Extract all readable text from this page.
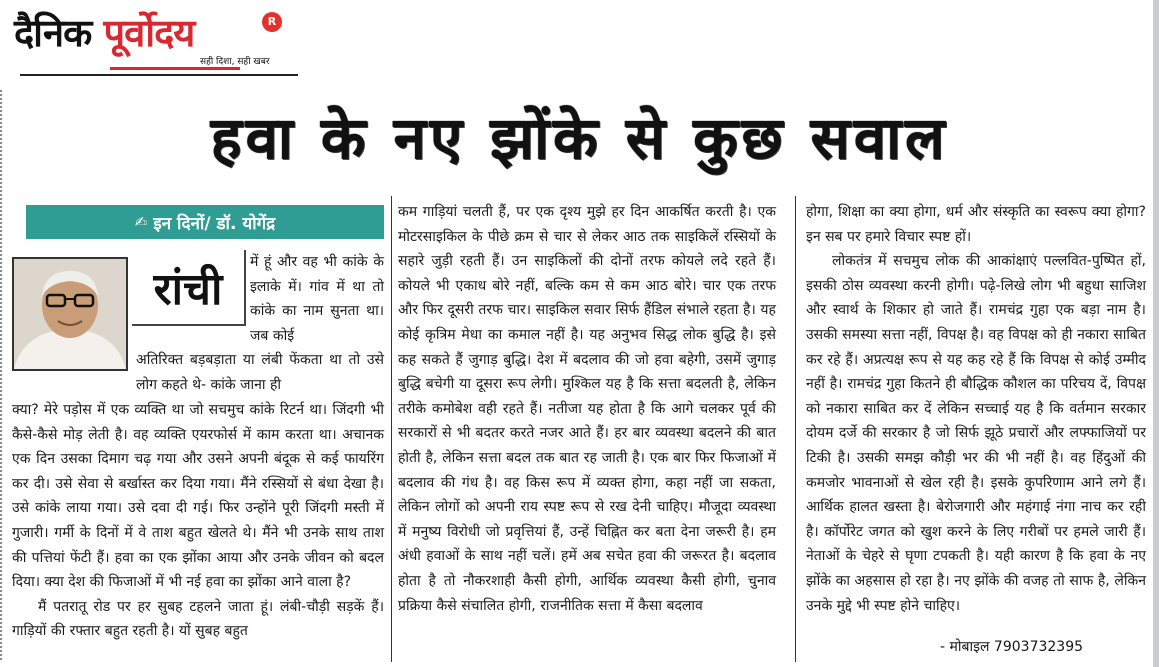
दैनिक पूर्वोदय	R
सही दिशा, सही खबर
हवा के नए झोंके से कुछ सवाल
✍ इन दिनों/ डॉ. योगेंद्र
रांची

में हूं और वह भी कांके के इलाके में। गांव में था तो कांके का नाम सुनता था। जब कोई

अतिरिक्त बड़बड़ाता या लंबी फेंकता था तो उसे लोग कहते थे- कांके जाना ही

क्या? मेरे पड़ोस में एक व्यक्ति था जो सचमुच कांके रिटर्न था। जिंदगी भी कैसे-कैसे मोड़ लेती है। वह व्यक्ति एयरफोर्स में काम करता था। अचानक एक दिन उसका दिमाग चढ़ गया और उसने अपनी बंदूक से कई फायरिंग कर दी। उसे सेवा से बर्खास्त कर दिया गया। मैंने रस्सियों से बंधा देखा है। उसे कांके लाया गया। उसे दवा दी गई। फिर उन्होंने पूरी जिंदगी मस्ती में गुजारी। गर्मी के दिनों में वे ताश बहुत खेलते थे। मैंने भी उनके साथ ताश की पत्तियां फेंटी हैं। हवा का एक झोंका आया और उनके जीवन को बदल दिया। क्या देश की फिजाओं में भी नई हवा का झोंका आने वाला है?

मैं पतरातू रोड पर हर सुबह टहलने जाता हूं। लंबी-चौड़ी सड़कें हैं। गाड़ियों की रफ्तार बहुत रहती है। यों सुबह बहुत

कम गाड़ियां चलती हैं, पर एक दृश्य मुझे हर दिन आकर्षित करती है। एक मोटरसाइकिल के पीछे क्रम से चार से लेकर आठ तक साइकिलें रस्सियों के सहारे जुड़ी रहती हैं। उन साइकिलों की दोनों तरफ कोयले लदे रहते हैं। कोयले भी एकाध बोरे नहीं, बल्कि कम से कम आठ बोरे। चार एक तरफ और फिर दूसरी तरफ चार। साइकिल सवार सिर्फ हैंडिल संभाले रहता है। यह कोई कृत्रिम मेधा का कमाल नहीं है। यह अनुभव सिद्ध लोक बुद्धि है। इसे कह सकते हैं जुगाड़ बुद्धि। देश में बदलाव की जो हवा बहेगी, उसमें जुगाड़ बुद्धि बचेगी या दूसरा रूप लेगी। मुश्किल यह है कि सत्ता बदलती है, लेकिन तरीके कमोबेश वही रहते हैं। नतीजा यह होता है कि आगे चलकर पूर्व की सरकारों से भी बदतर करते नजर आते हैं। हर बार व्यवस्था बदलने की बात होती है, लेकिन सत्ता बदल तक बात रह जाती है। एक बार फिर फिजाओं में बदलाव की गंध है। वह किस रूप में व्यक्त होगा, कहा नहीं जा सकता, लेकिन लोगों को अपनी राय स्पष्ट रूप से रख देनी चाहिए। मौजूदा व्यवस्था में मनुष्य विरोधी जो प्रवृत्तियां हैं, उन्हें चिह्नित कर बता देना जरूरी है। हम अंधी हवाओं के साथ नहीं चलें। हमें अब सचेत हवा की जरूरत है। बदलाव होता है तो नौकरशाही कैसी होगी, आर्थिक व्यवस्था कैसी होगी, चुनाव प्रक्रिया कैसे संचालित होगी, राजनीतिक सत्ता में कैसा बदलाव

होगा, शिक्षा का क्या होगा, धर्म और संस्कृति का स्वरूप क्या होगा? इन सब पर हमारे विचार स्पष्ट हों।

लोकतंत्र में सचमुच लोक की आकांक्षाएं पल्लवित-पुष्पित हों, इसकी ठोस व्यवस्था करनी होगी। पढ़े-लिखे लोग भी बहुधा साजिश और स्वार्थ के शिकार हो जाते हैं। रामचंद्र गुहा एक बड़ा नाम है। उसकी समस्या सत्ता नहीं, विपक्ष है। वह विपक्ष को ही नकारा साबित कर रहे हैं। अप्रत्यक्ष रूप से यह कह रहे हैं कि विपक्ष से कोई उम्मीद नहीं है। रामचंद्र गुहा कितने ही बौद्धिक कौशल का परिचय दें, विपक्ष को नकारा साबित कर दें लेकिन सच्चाई यह है कि वर्तमान सरकार दोयम दर्जे की सरकार है जो सिर्फ झूठे प्रचारों और लफ्फाजियों पर टिकी है। उसकी समझ कौड़ी भर की भी नहीं है। वह हिंदुओं की कमजोर भावनाओं से खेल रही है। इसके कुपरिणाम आने लगे हैं। आर्थिक हालत खस्ता है। बेरोजगारी और महंगाई नंगा नाच कर रही है। कॉर्पोरेट जगत को खुश करने के लिए गरीबों पर हमले जारी हैं। नेताओं के चेहरे से घृणा टपकती है। यही कारण है कि हवा के नए झोंके का अहसास हो रहा है। नए झोंके की वजह तो साफ है, लेकिन उनके मुद्दे भी स्पष्ट होने चाहिए।

- मोबाइल 7903732395
